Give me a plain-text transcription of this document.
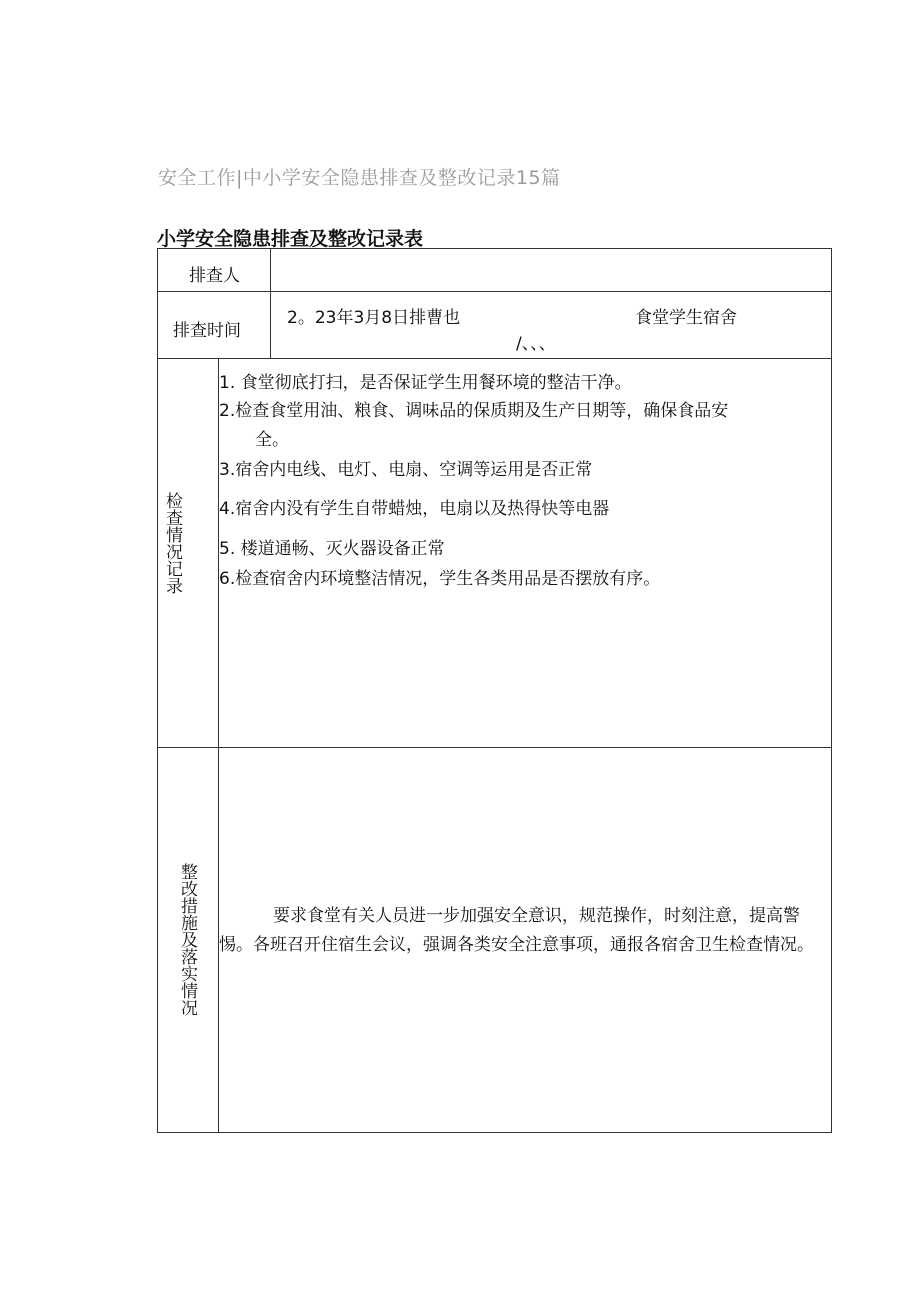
安全工作|中小学安全隐患排查及整改记录15篇
小学安全隐患排查及整改记录表
排查人
排查时间
2。23年3月8日排曹也	食堂学生宿舍
/、、、
检查情况记录
1. 食堂彻底打扫，是否保证学生用餐环境的整洁干净。
2.检查食堂用油、粮食、调味品的保质期及生产日期等，确保食品安
全。
3.宿舍内电线、电灯、电扇、空调等运用是否正常
4.宿舍内没有学生自带蜡烛，电扇以及热得快等电器
5. 楼道通畅、灭火器设备正常
6.检查宿舍内环境整洁情况，学生各类用品是否摆放有序。
整改措施及落实情况	要求食堂有关人员进一步加强安全意识，规范操作，时刻注意，提高警惕。各班召开住宿生会议，强调各类安全注意事项，通报各宿舍卫生检查情况。
